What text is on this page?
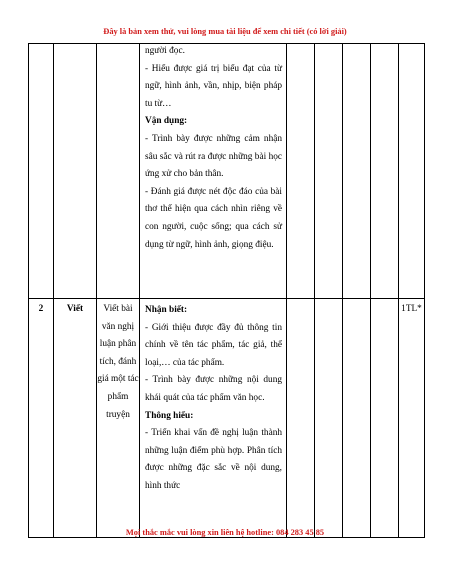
Đây là bản xem thử, vui lòng mua tài liệu để xem chi tiết (có lời giải)

			người đọc.
- Hiểu được giá trị biểu đạt của từ ngữ, hình ảnh, vần, nhịp, biện pháp tu từ…
Vận dụng:
- Trình bày được những cảm nhận sâu sắc và rút ra được những bài học ứng xử cho bản thân.
- Đánh giá được nét độc đáo của bài thơ thể hiện qua cách nhìn riêng về con người, cuộc sống; qua cách sử dụng từ ngữ, hình ảnh, giọng điệu.					

2	Viết	Viết bài văn nghị luận phân tích, đánh giá một tác phẩm truyện	Nhận biết:
- Giới thiệu được đầy đủ thông tin chính về tên tác phẩm, tác giả, thể loại,… của tác phẩm.
- Trình bày được những nội dung khái quát của tác phẩm văn học.
Thông hiểu:
- Triển khai vấn đề nghị luận thành những luận điểm phù hợp. Phân tích được những đặc sắc về nội dung, hình thức					1TL*
Mọi thắc mắc vui lòng xin liên hệ hotline: 084 283 45 85
